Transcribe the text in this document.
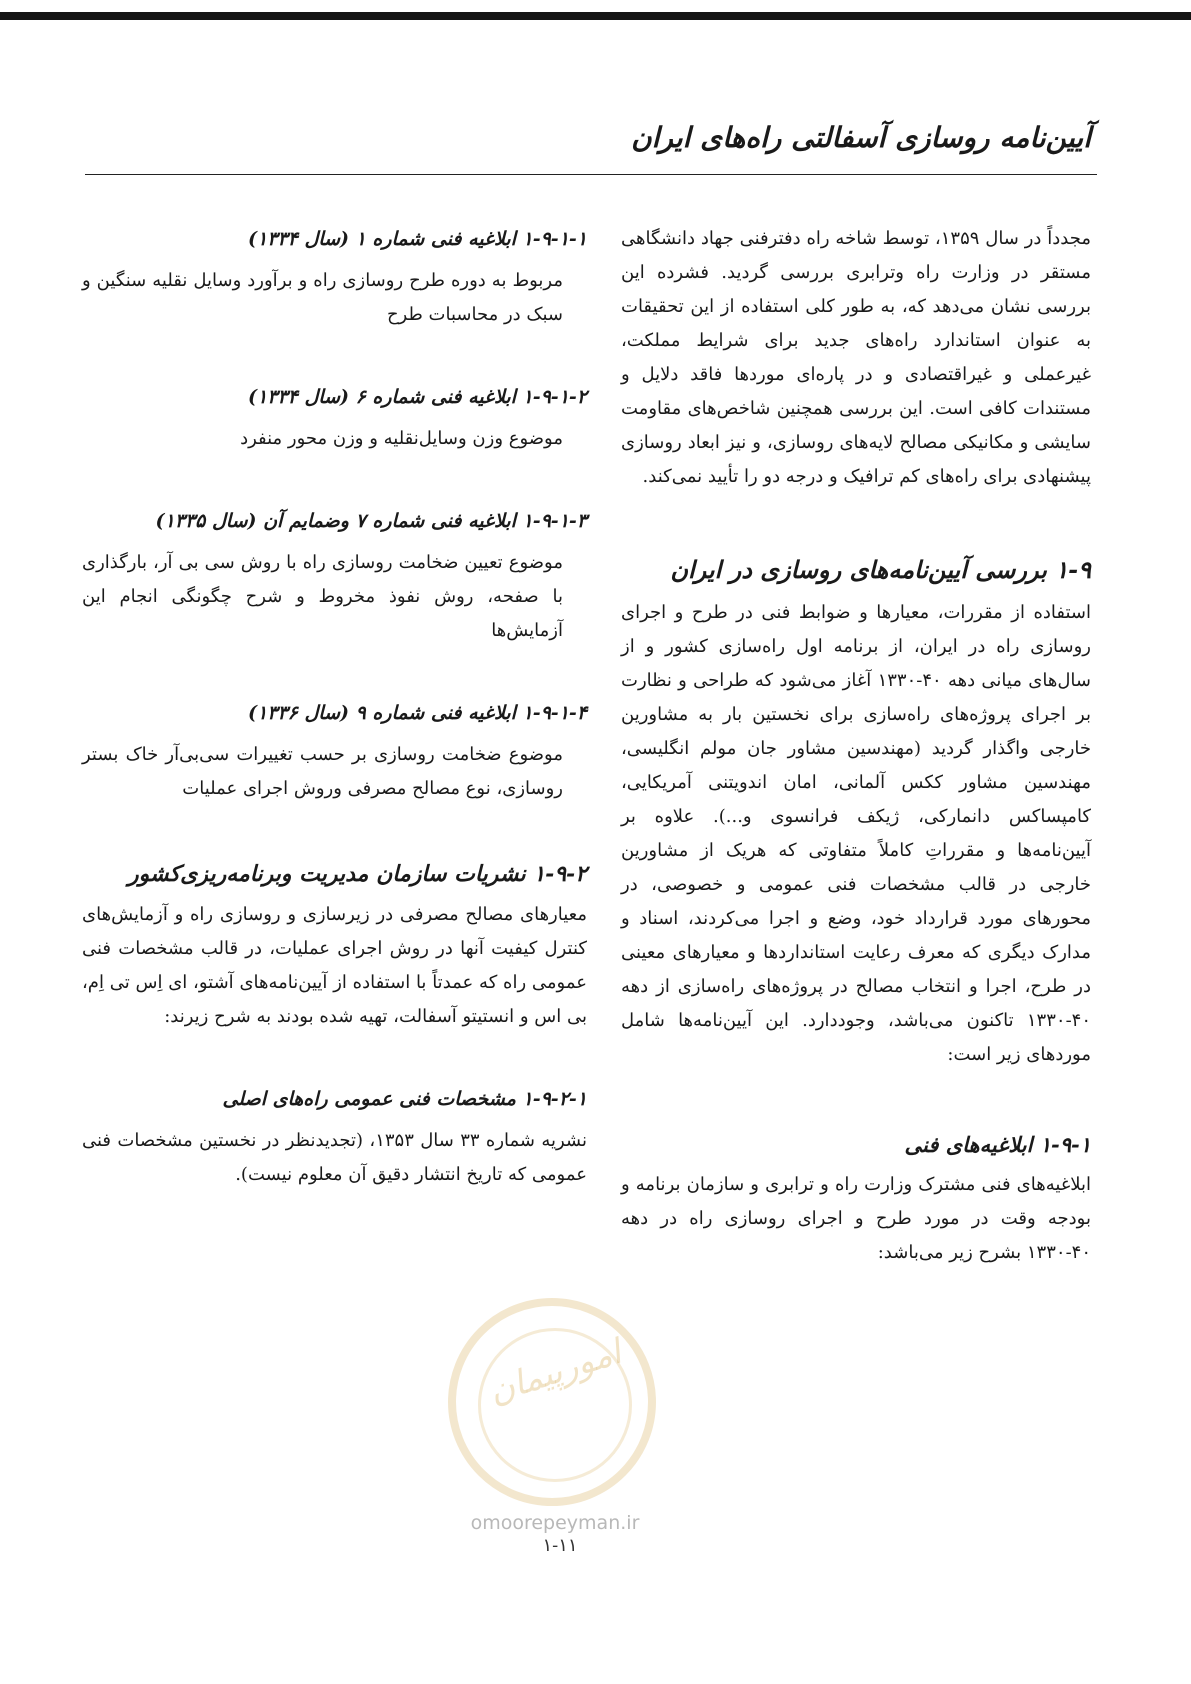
آیین‌نامه روسازی آسفالتی راه‌های ایران

مجدداً در سال ۱۳۵۹، توسط شاخه راه دفترفنی جهاد دانشگاهی مستقر در وزارت راه وترابری بررسی گردید. فشرده این بررسی نشان می‌دهد که، به طور کلی استفاده از این تحقیقات به عنوان استاندارد راه‌های جدید برای شرایط مملکت، غیرعملی و غیراقتصادی و در پاره‌ای موردها فاقد دلایل و مستندات کافی است. این بررسی همچنین شاخص‌های مقاومت سایشی و مکانیکی مصالح لایه‌های روسازی، و نیز ابعاد روسازی پیشنهادی برای راه‌های کم ترافیک و درجه دو را تأیید نمی‌کند.

۱-۹ بررسی آیین‌نامه‌های روسازی در ایران

استفاده از مقررات، معیارها و ضوابط فنی در طرح و اجرای روسازی راه در ایران، از برنامه اول راه‌سازی کشور و از سال‌های میانی دهه ۴۰-۱۳۳۰ آغاز می‌شود که طراحی و نظارت بر اجرای پروژه‌های راه‌سازی برای نخستین بار به مشاورین خارجی واگذار گردید (مهندسین مشاور جان مولم انگلیسی، مهندسین مشاور ککس آلمانی، امان اندویتنی آمریکایی، کامپساکس دانمارکی، ژیکف فرانسوی و...). علاوه بر آیین‌نامه‌ها و مقرراتِ کاملاً متفاوتی که هریک از مشاورین خارجی در قالب مشخصات فنی عمومی و خصوصی، در محورهای مورد قرارداد خود، وضع و اجرا می‌کردند، اسناد و مدارک دیگری که معرف رعایت استانداردها و معیارهای معینی در طرح، اجرا و انتخاب مصالح در پروژه‌های راه‌سازی از دهه ۴۰-۱۳۳۰ تاکنون می‌باشد، وجوددارد. این آیین‌نامه‌ها شامل موردهای زیر است:

۱-۹-۱ ابلاغیه‌های فنی

ابلاغیه‌های فنی مشترک وزارت راه و ترابری و سازمان برنامه و بودجه وقت در مورد طرح و اجرای روسازی راه در دهه ۴۰-۱۳۳۰ بشرح زیر می‌باشد:

۱-۹-۱-۱ ابلاغیه فنی شماره ۱ (سال ۱۳۳۴)

مربوط به دوره طرح روسازی راه و برآورد وسایل نقلیه سنگین و سبک در محاسبات طرح

۱-۹-۱-۲ ابلاغیه فنی شماره ۶ (سال ۱۳۳۴)

موضوع وزن وسایل‌نقلیه و وزن محور منفرد

۱-۹-۱-۳ ابلاغیه فنی شماره ۷ وضمایم آن (سال ۱۳۳۵)

موضوع تعیین ضخامت روسازی راه با روش سی بی آر، بارگذاری با صفحه، روش نفوذ مخروط و شرح چگونگی انجام این آزمایش‌ها

۱-۹-۱-۴ ابلاغیه فنی شماره ۹ (سال ۱۳۳۶)

موضوع ضخامت روسازی بر حسب تغییرات سی‌بی‌آر خاک بستر روسازی، نوع مصالح مصرفی وروش اجرای عملیات

۱-۹-۲ نشریات سازمان مدیریت وبرنامه‌ریزی‌کشور

معیارهای مصالح مصرفی در زیرسازی و روسازی راه و آزمایش‌های کنترل کیفیت آنها در روش اجرای عملیات، در قالب مشخصات فنی عمومی راه که عمدتاً با استفاده از آیین‌نامه‌های آشتو، ای اِس تی اِم، بی اس و انستیتو آسفالت، تهیه شده بودند به شرح زیرند:

۱-۹-۲-۱ مشخصات فنی عمومی راه‌های اصلی

نشریه شماره ۳۳ سال ۱۳۵۳، (تجدیدنظر در نخستین مشخصات فنی عمومی که تاریخ انتشار دقیق آن معلوم نیست).

امورپیمان
omoorepeyman.ir
۱-۱۱
